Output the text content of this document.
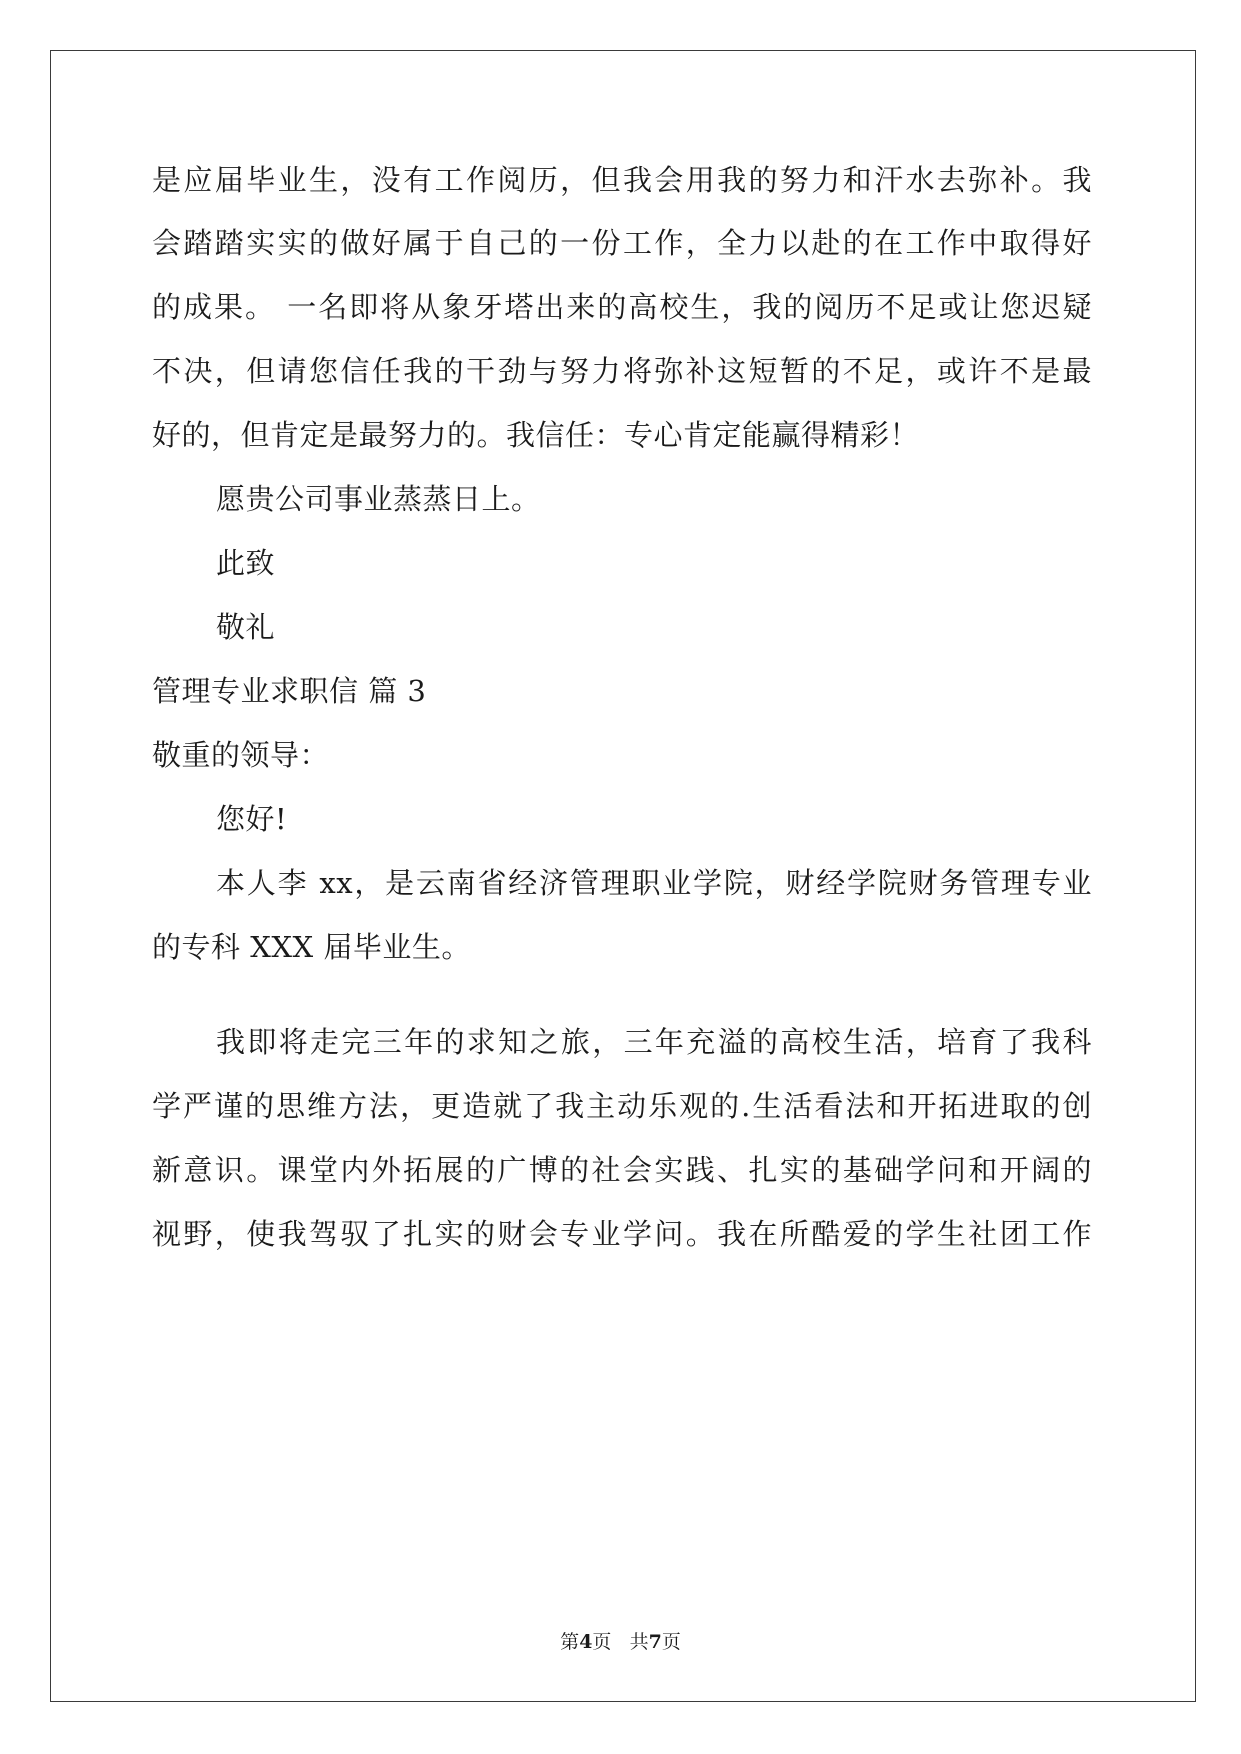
是应届毕业生，没有工作阅历，但我会用我的努力和汗水去弥补。我
会踏踏实实的做好属于自己的一份工作，全力以赴的在工作中取得好
的成果。 一名即将从象牙塔出来的高校生，我的阅历不足或让您迟疑
不决，但请您信任我的干劲与努力将弥补这短暂的不足，或许不是最
好的，但肯定是最努力的。我信任：专心肯定能赢得精彩！
愿贵公司事业蒸蒸日上。
此致
敬礼
管理专业求职信 篇 3
敬重的领导：
您好!
本人李 xx，是云南省经济管理职业学院，财经学院财务管理专业
的专科 XXX 届毕业生。
我即将走完三年的求知之旅，三年充溢的高校生活，培育了我科
学严谨的思维方法，更造就了我主动乐观的.生活看法和开拓进取的创
新意识。课堂内外拓展的广博的社会实践、扎实的基础学问和开阔的
视野，使我驾驭了扎实的财会专业学问。我在所酷爱的学生社团工作
第4页 共7页
